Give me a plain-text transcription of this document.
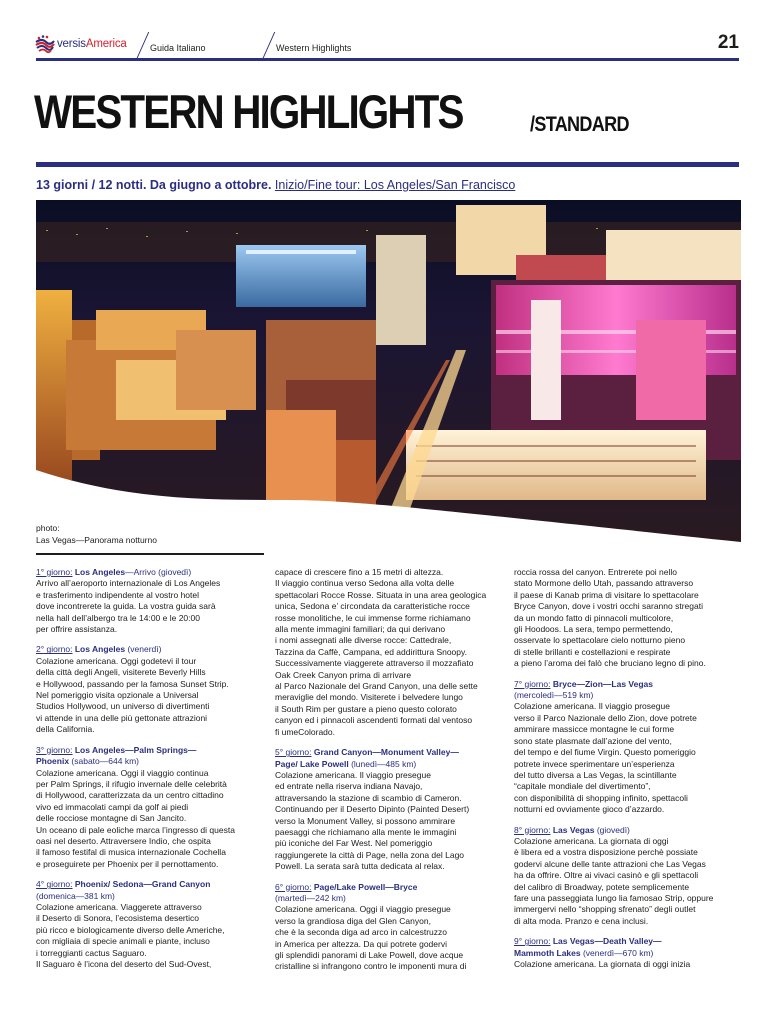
versisAmerica	Guida Italiano	Western Highlights	21
WESTERN HIGHLIGHTS	/STANDARD
13 giorni / 12 notti. Da giugno a ottobre. Inizio/Fine tour: Los Angeles/San Francisco
photo:
Las Vegas—Panorama notturno

1° giorno: Los Angeles—Arrivo (giovedì)
Arrivo all’aeroporto internazionale di Los Angeles
e trasferimento indipendente al vostro hotel
dove incontrerete la guida. La vostra guida sarà
nella hall dell’albergo tra le 14:00 e le 20:00
per offrire assistanza.

2° giorno: Los Angeles (venerdì)
Colazione americana. Oggi godetevi il tour
della città degli Angeli, visiterete Beverly Hills
e Hollywood, passando per la famosa Sunset Strip.
Nel pomeriggio visita opzionale a Universal
Studios Hollywood, un universo di divertimenti
vi attende in una delle più gettonate attrazioni
della California.

3° giorno: Los Angeles—Palm Springs—
Phoenix (sabato—644 km)
Colazione americana. Oggi il viaggio continua
per Palm Springs, il rifugio invernale delle celebrità
di Hollywood, caratterizzata da un centro cittadino
vivo ed immacolati campi da golf ai piedi
delle rocciose montagne di San Jancito.
Un oceano di pale eoliche marca l’ingresso di questa
oasi nel deserto. Attraversere Indio, che ospita
il famoso festifal di musica internazionale Cochella
e proseguirete per Phoenix per il pernottamento.

4° giorno: Phoenix/ Sedona—Grand Canyon
(domenica—381 km)
Colazione americana. Viaggerete attraverso
il Deserto di Sonora, l’ecosistema desertico
più ricco e biologicamente diverso delle Americhe,
con migliaia di specie animali e piante, incluso
i torreggianti cactus Saguaro.
Il Saguaro è l’icona del deserto del Sud-Ovest,

capace di crescere fino a 15 metri di altezza.
Il viaggio continua verso Sedona alla volta delle
spettacolari Rocce Rosse. Situata in una area geologica
unica, Sedona e’ circondata da caratteristiche rocce
rosse monolitiche, le cui immense forme richiamano
alla mente immagini familiari; da qui derivano
i nomi assegnati alle diverse rocce: Cattedrale,
Tazzina da Caffè, Campana, ed addirittura Snoopy.
Successivamente viaggerete attraverso il mozzafiato
Oak Creek Canyon prima di arrivare
al Parco Nazionale del Grand Canyon, una delle sette
meraviglie del mondo. Visiterete i belvedere lungo
il South Rim per gustare a pieno questo colorato
canyon ed i pinnacoli ascendenti formati dal ventoso
fi umeColorado.

5° giorno: Grand Canyon—Monument Valley—
Page/ Lake Powell (lunedì—485 km)
Colazione americana. Il viaggio presegue
ed entrate nella riserva indiana Navajo,
attraversando la stazione di scambio di Cameron.
Continuando per il Deserto Dipinto (Painted Desert)
verso la Monument Valley, si possono ammirare
paesaggi che richiamano alla mente le immagini
più iconiche del Far West. Nel pomeriggio
raggiungerete la città di Page, nella zona del Lago
Powell. La serata sarà tutta dedicata al relax.

6° giorno: Page/Lake Powell—Bryce
(martedì—242 km)
Colazione americana. Oggi il viaggio presegue
verso la grandiosa diga del Glen Canyon,
che è la seconda diga ad arco in calcestruzzo
in America per altezza. Da qui potrete godervi
gli splendidi panorami di Lake Powell, dove acque
cristalline si infrangono contro le imponenti mura di

roccia rossa del canyon. Entrerete poi nello
stato Mormone dello Utah, passando attraverso
il paese di Kanab prima di visitare lo spettacolare
Bryce Canyon, dove i vostri occhi saranno stregati
da un mondo fatto di pinnacoli multicolore,
gli Hoodoos. La sera, tempo permettendo,
osservate lo spettacolare cielo notturno pieno
di stelle brillanti e costellazioni e respirate
a pieno l’aroma dei falò che bruciano legno di pino.

7° giorno: Bryce—Zion—Las Vegas
(mercoledì—519 km)
Colazione americana. Il viaggio prosegue
verso il Parco Nazionale dello Zion, dove potrete
ammirare massicce montagne le cui forme
sono state plasmate dall’azione del vento,
del tempo e del fiume Virgin. Questo pomeriggio
potrete invece sperimentare un’esperienza
del tutto diversa a Las Vegas, la scintillante
“capitale mondiale del divertimento”,
con disponibilità di shopping infinito, spettacoli
notturni ed ovviamente gioco d’azzardo.

8° giorno: Las Vegas (giovedì)
Colazione americana. La giornata di oggi
è libera ed a vostra disposizione perchè possiate
godervi alcune delle tante attrazioni che Las Vegas
ha da offrire. Oltre ai vivaci casinò e gli spettacoli
del calibro di Broadway, potete semplicemente
fare una passeggiata lungo lia famosao Strip, oppure
immergervi nello “shopping sfrenato” degli outlet
di alta moda. Pranzo e cena inclusi.

9° giorno: Las Vegas—Death Valley—
Mammoth Lakes (venerdì—670 km)
Colazione americana. La giornata di oggi inizia
